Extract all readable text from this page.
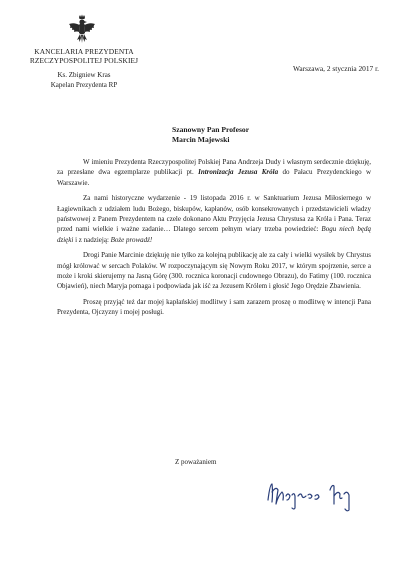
KANCELARIA PREZYDENTA
RZECZYPOSPOLITEJ POLSKIEJ
Ks. Zbigniew Kras
Kapelan Prezydenta RP
Warszawa, 2 stycznia 2017 r.
Szanowny Pan Profesor
Marcin Majewski

W imieniu Prezydenta Rzeczypospolitej Polskiej Pana Andrzeja Dudy i własnym serdecznie dziękuję, za przesłane dwa egzemplarze publikacji pt. Intronizacja Jezusa Króla do Pałacu Prezydenckiego w Warszawie.

Za nami historyczne wydarzenie - 19 listopada 2016 r. w Sanktuarium Jezusa Miłosiernego w Łagiewnikach z udziałem ludu Bożego, biskupów, kapłanów, osób konsekrowanych i przedstawicieli władzy państwowej z Panem Prezydentem na czele dokonano Aktu Przyjęcia Jezusa Chrystusa za Króla i Pana. Teraz przed nami wielkie i ważne zadanie… Dlatego sercem pełnym wiary trzeba powiedzieć: Bogu niech będą dzięki i z nadzieją: Boże prowadź!

Drogi Panie Marcinie dziękuję nie tylko za kolejną publikację ale za cały i wielki wysiłek by Chrystus mógł królować w sercach Polaków. W rozpoczynającym się Nowym Roku 2017, w którym spojrzenie, serce a może i kroki skierujemy na Jasną Górę (300. rocznica koronacji cudownego Obrazu), do Fatimy (100. rocznica Objawień), niech Maryja pomaga i podpowiada jak iść za Jezusem Królem i głosić Jego Orędzie Zbawienia.

Proszę przyjąć też dar mojej kapłańskiej modlitwy i sam zarazem proszę o modlitwę w intencji Pana Prezydenta, Ojczyzny i mojej posługi.

Z poważaniem
